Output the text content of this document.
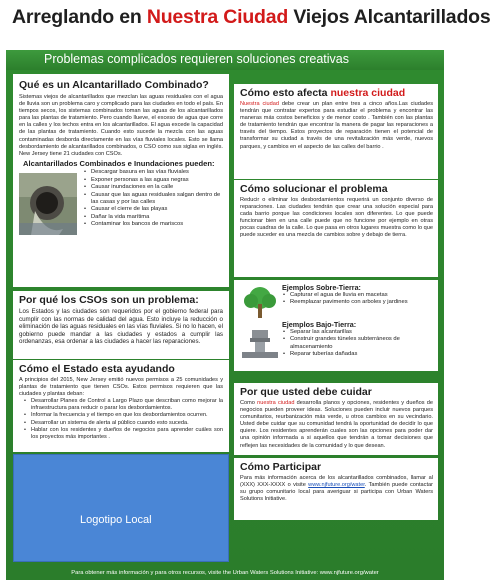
Arreglando en Nuestra Ciudad Viejos Alcantarillados
Problemas complicados requieren soluciones creativas
Qué es un Alcantarillado Combinado?
Sistemas viejos de alcantarillados que mezclan las aguas residuales con el agua de lluvia son un problema caro y complicado para las ciudades en todo el país. En tiempos secos, los sistemas combinados toman las aguas de los alcantarillados para las plantas de tratamiento. Pero cuando llueve, el exceso de agua que corre en la calles y los techos entra en los alcantarillados. El agua excede la capacidad de las plantas de tratamiento. Cuando esto sucede la mezcla con las aguas contaminadas desborda directamente en las vías fluviales locales. Esto se llama desbordamiento de alcantarillados combinados, o CSO como sus siglas en inglés. New Jersey tiene 21 ciudades con CSOs.
Alcantarillados Combinados e Inundaciones pueden:
• Descargar basura en las vías fluviales
• Exponer personas a las aguas negras
• Causar inundaciones en la calle
• Causar que las aguas residuales salgan dentro de las casas y por las calles
• Causar el cierre de las playas
• Dañar la vida marítima
• Contaminar los bancos de mariscos
Por qué los CSOs son un problema:
Los Estados y las ciudades son requeridos por el gobierno federal para cumplir con las normas de calidad del agua. Esto incluye la reducción o eliminación de las aguas residuales en las vías fluviales. Si no lo hacen, el gobierno puede mandar a las ciudades y estados a cumplir las ordenanzas, esa ordenar a las ciudades a hacer las reparaciones.
Cómo el Estado esta ayudando
A principios del 2015, New Jersey emitió nuevos permisos a 25 comunidades y plantas de tratamiento que tienen CSOs. Estos permisos requieren que las ciudades y plantas deban:
• Desarrollar Planes de Control a Largo Plazo que describan como mejorar la infraestructura para reducir o parar los desbordamientos.
• Informar la frecuencia y el tiempo en que los desbordamientos ocurren.
• Desarrollar un sistema de alerta al público cuando esto suceda.
• Hablar con los residentes y dueños de negocios para aprender cuáles son los proyectos más importantes .
Logotipo Local
Cómo esto afecta nuestra ciudad
Nuestra ciudad debe crear un plan entre tres a cinco años.Las ciudades tendrán que contratar expertos para estudiar el problema y encontrar las maneras más costos beneficios y de menor costo . También con las plantas de tratamiento tendrán que encontrar la manera de pagar las reparaciones a través del tiempo. Estos proyectos de reparación tienen el potencial de transformar su ciudad a través de una revitalización más verde, nuevos parques, y cambios en el aspecto de las calles del barrio .
Cómo solucionar el problema
Reducir o eliminar los desbordamientos requerirá un conjunto diverso de reparaciones. Las ciudades tendrán que crear una solución especial para cada barrio porque las condiciones locales son diferentes. Lo que puede funcionar bien en una calle puede que no funcione por ejemplo en otras pocas cuadras de la calle. Lo que pasa en otros lugares muestra como lo que puede suceder es una mezcla de cambios sobre y debajo de tierra.
Ejemplos Sobre-Tierra:
• Capturar el agua de lluvia en macetas
• Reemplazar pavimento con arboles y jardines
Ejemplos Bajo-Tierra:
• Separar las alcantarillas
• Construir grandes túneles subterráneos de almacenamiento
• Reparar tuberías dañadas
Por que usted debe cuidar
Como nuestra ciudad desarrolla planos y opciones, residentes y dueños de negocios pueden proveer ideas. Soluciones pueden incluir nuevos parques comunitarios, reurbanización más verde, u otros cambios en su vecindario. Usted debe cuidar que su comunidad tendrá la oportunidad de decidir lo que quiere. Los residentes aprenderán cuales son las opciones para poder dar una opinión informada a si aquellos que tendrán a tomar decisiones que reflejen las necesidades de la comunidad y lo que desean.
Cómo Participar
Para más información acerca de los alcantarillados combinados, llamar al (XXX) XXX-XXXX o visite www.njfuture.org/water. También puede contactar su grupo comunitario local para averiguar si participa con Urban Waters Solutions Initiative.
Para obtener más información y para otros recursos, visite the Urban Waters Solutions Initiative: www.njfuture.org/water
